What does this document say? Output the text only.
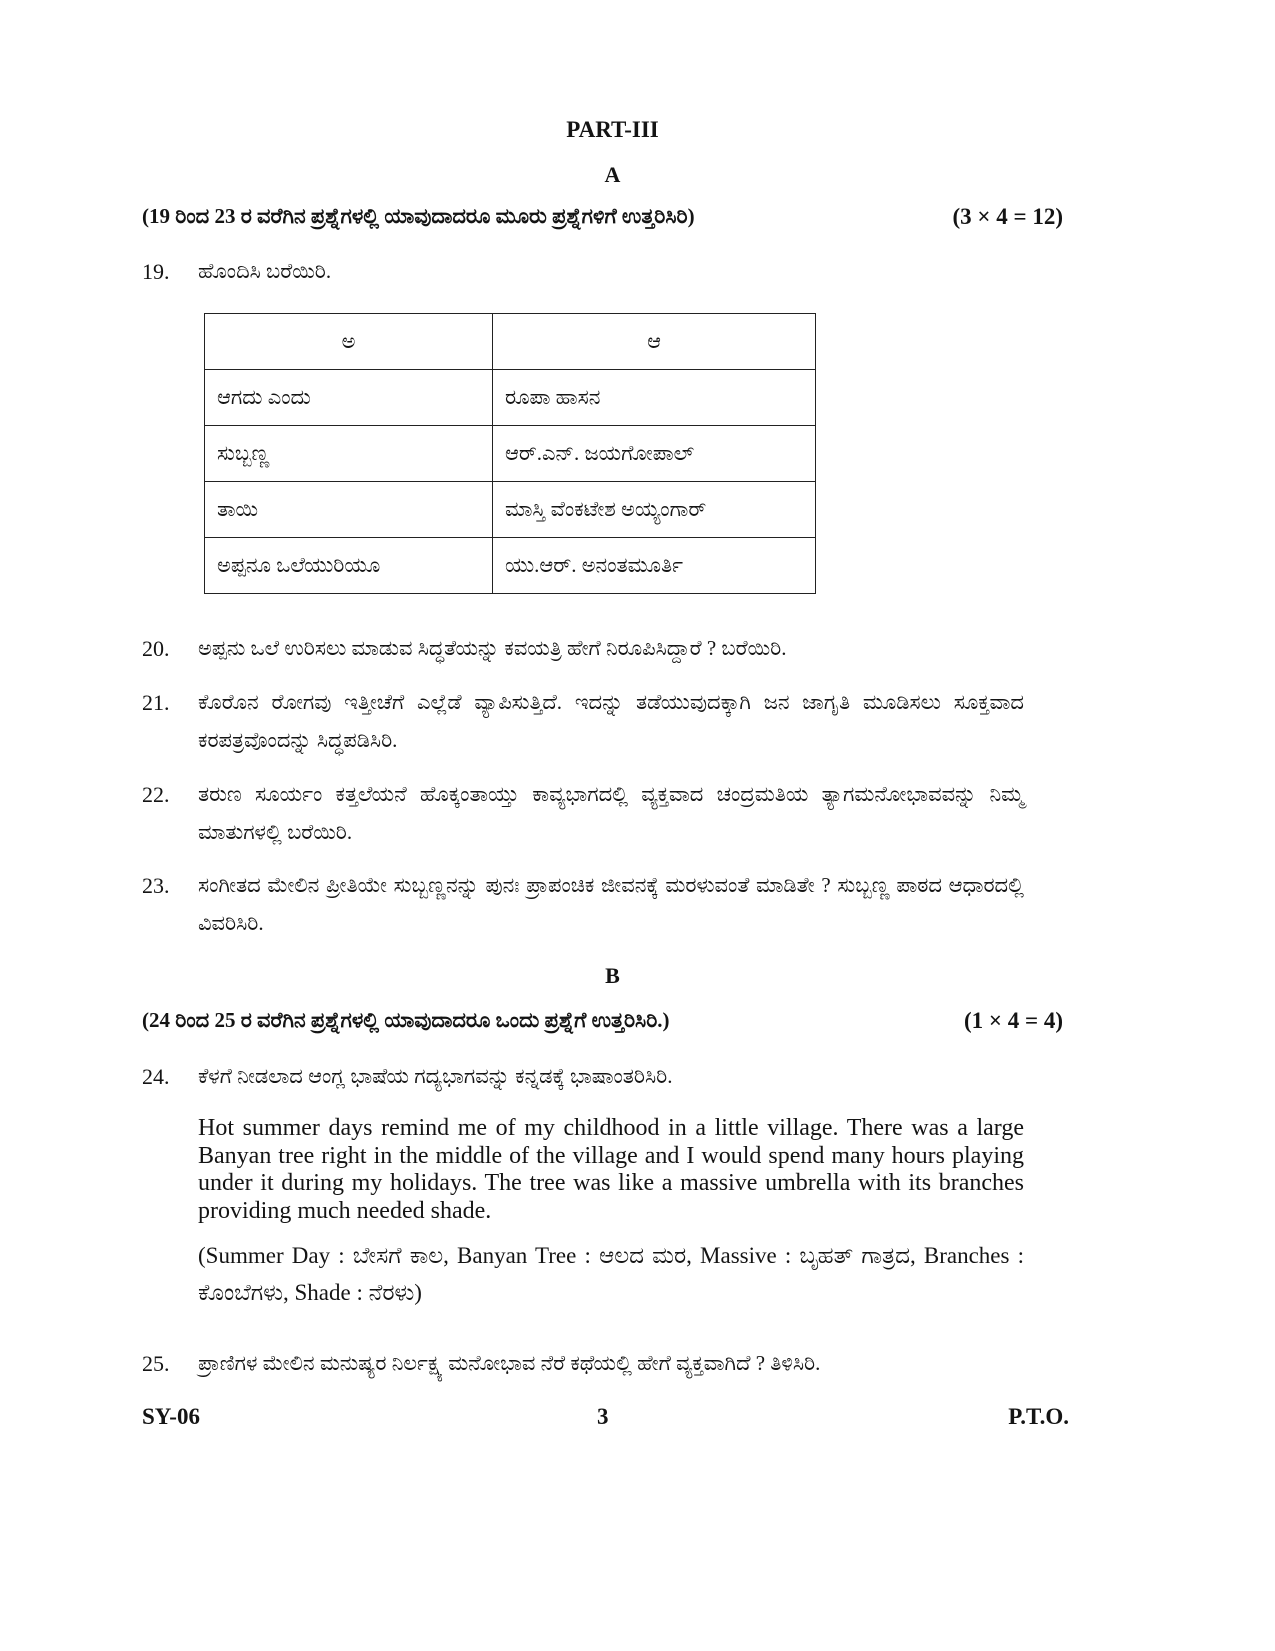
PART-III
A
(19 ರಿಂದ 23 ರ ವರೆಗಿನ ಪ್ರಶ್ನೆಗಳಲ್ಲಿ ಯಾವುದಾದರೂ ಮೂರು ಪ್ರಶ್ನೆಗಳಿಗೆ ಉತ್ತರಿಸಿರಿ)	(3 × 4 = 12)
19. ಹೊಂದಿಸಿ ಬರೆಯಿರಿ.
ಅ	ಆ
ಆಗದು ಎಂದು	ರೂಪಾ ಹಾಸನ
ಸುಬ್ಬಣ್ಣ	ಆರ್.ಎನ್. ಜಯಗೋಪಾಲ್
ತಾಯಿ	ಮಾಸ್ತಿ ವೆಂಕಟೇಶ ಅಯ್ಯಂಗಾರ್
ಅಪ್ಪನೂ ಒಲೆಯುರಿಯೂ	ಯು.ಆರ್. ಅನಂತಮೂರ್ತಿ
20. ಅಪ್ಪನು ಒಲೆ ಉರಿಸಲು ಮಾಡುವ ಸಿದ್ಧತೆಯನ್ನು ಕವಯತ್ರಿ ಹೇಗೆ ನಿರೂಪಿಸಿದ್ದಾರೆ ? ಬರೆಯಿರಿ.
21. ಕೊರೊನ ರೋಗವು ಇತ್ತೀಚೆಗೆ ಎಲ್ಲೆಡೆ ವ್ಯಾಪಿಸುತ್ತಿದೆ. ಇದನ್ನು ತಡೆಯುವುದಕ್ಕಾಗಿ ಜನ ಜಾಗೃತಿ ಮೂಡಿಸಲು ಸೂಕ್ತವಾದ ಕರಪತ್ರವೊಂದನ್ನು ಸಿದ್ಧಪಡಿಸಿರಿ.
22. ತರುಣ ಸೂರ್ಯಂ ಕತ್ತಲೆಯನೆ ಹೊಕ್ಕಂತಾಯ್ತು ಕಾವ್ಯಭಾಗದಲ್ಲಿ ವ್ಯಕ್ತವಾದ ಚಂದ್ರಮತಿಯ ತ್ಯಾಗಮನೋಭಾವವನ್ನು ನಿಮ್ಮ ಮಾತುಗಳಲ್ಲಿ ಬರೆಯಿರಿ.
23. ಸಂಗೀತದ ಮೇಲಿನ ಪ್ರೀತಿಯೇ ಸುಬ್ಬಣ್ಣನನ್ನು ಪುನಃ ಪ್ರಾಪಂಚಿಕ ಜೀವನಕ್ಕೆ ಮರಳುವಂತೆ ಮಾಡಿತೇ ? ಸುಬ್ಬಣ್ಣ ಪಾಠದ ಆಧಾರದಲ್ಲಿ ವಿವರಿಸಿರಿ.
B
(24 ರಿಂದ 25 ರ ವರೆಗಿನ ಪ್ರಶ್ನೆಗಳಲ್ಲಿ ಯಾವುದಾದರೂ ಒಂದು ಪ್ರಶ್ನೆಗೆ ಉತ್ತರಿಸಿರಿ.)	(1 × 4 = 4)
24. ಕೆಳಗೆ ನೀಡಲಾದ ಆಂಗ್ಲ ಭಾಷೆಯ ಗದ್ಯಭಾಗವನ್ನು ಕನ್ನಡಕ್ಕೆ ಭಾಷಾಂತರಿಸಿರಿ.
Hot summer days remind me of my childhood in a little village. There was a large Banyan tree right in the middle of the village and I would spend many hours playing under it during my holidays. The tree was like a massive umbrella with its branches providing much needed shade.
(Summer Day : ಬೇಸಗೆ ಕಾಲ, Banyan Tree : ಆಲದ ಮರ, Massive : ಬೃಹತ್ ಗಾತ್ರದ, Branches : ಕೊಂಬೆಗಳು, Shade : ನೆರಳು)
25. ಪ್ರಾಣಿಗಳ ಮೇಲಿನ ಮನುಷ್ಯರ ನಿರ್ಲಕ್ಷ್ಯ ಮನೋಭಾವ ನೆರೆ ಕಥೆಯಲ್ಲಿ ಹೇಗೆ ವ್ಯಕ್ತವಾಗಿದೆ ? ತಿಳಿಸಿರಿ.
SY-06	3	P.T.O.
